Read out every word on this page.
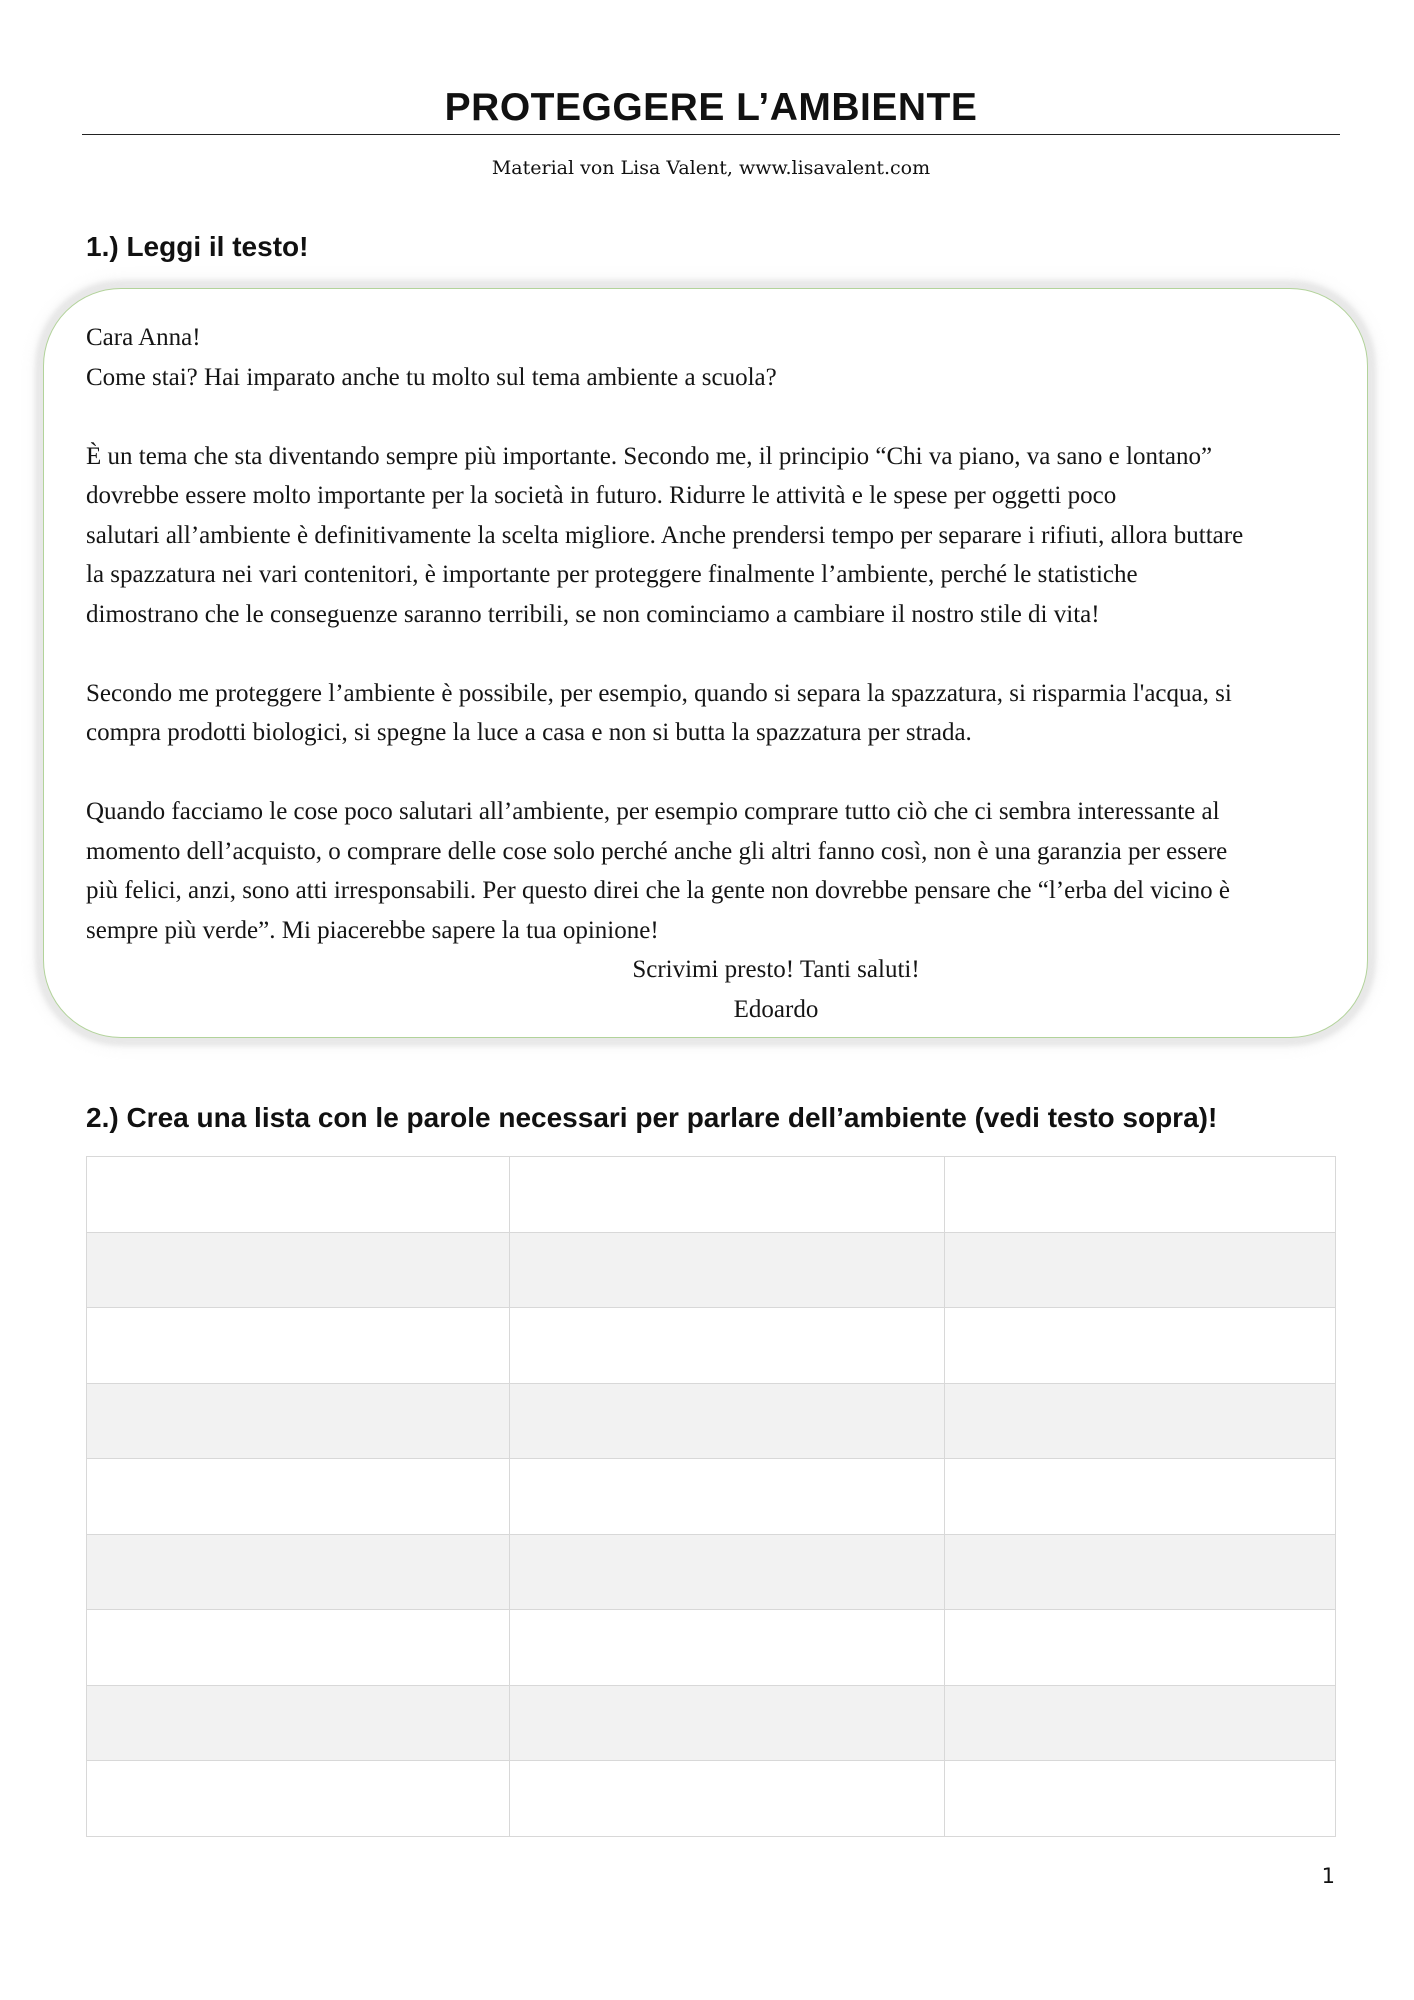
PROTEGGERE L’AMBIENTE

Material von Lisa Valent, www.lisavalent.com

1.) Leggi il testo!

Cara Anna!

Come stai? Hai imparato anche tu molto sul tema ambiente a scuola?

È un tema che sta diventando sempre più importante. Secondo me, il principio “Chi va piano, va sano e lontano”

dovrebbe essere molto importante per la società in futuro. Ridurre le attività e le spese per oggetti poco

salutari all’ambiente è definitivamente la scelta migliore. Anche prendersi tempo per separare i rifiuti, allora buttare

la spazzatura nei vari contenitori, è importante per proteggere finalmente l’ambiente, perché le statistiche

dimostrano che le conseguenze saranno terribili, se non cominciamo a cambiare il nostro stile di vita!

Secondo me proteggere l’ambiente è possibile, per esempio, quando si separa la spazzatura, si risparmia l'acqua, si

compra prodotti biologici, si spegne la luce a casa e non si butta la spazzatura per strada.

Quando facciamo le cose poco salutari all’ambiente, per esempio comprare tutto ciò che ci sembra interessante al

momento dell’acquisto, o comprare delle cose solo perché anche gli altri fanno così, non è una garanzia per essere

più felici, anzi, sono atti irresponsabili. Per questo direi che la gente non dovrebbe pensare che “l’erba del vicino è

sempre più verde”. Mi piacerebbe sapere la tua opinione!

Scrivimi presto! Tanti saluti!

Edoardo

2.) Crea una lista con le parole necessari per parlare dell’ambiente (vedi testo sopra)!

1
